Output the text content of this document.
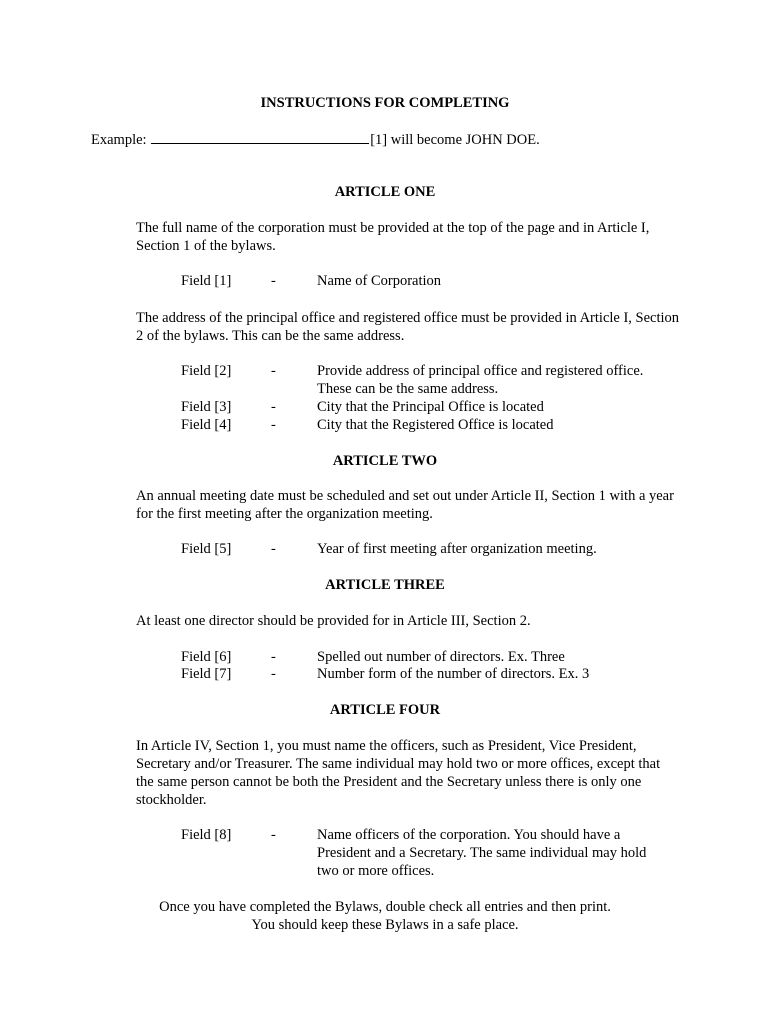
INSTRUCTIONS FOR COMPLETING
Example:	[1] will become JOHN DOE.
ARTICLE ONE
The full name of the corporation must be provided at the top of the page and in Article I, Section 1 of the bylaws.
Field [1]	-	Name of Corporation
The address of the principal office and registered office must be provided in Article I, Section 2 of the bylaws. This can be the same address.
Field [2]	-	Provide address of principal office and registered office. These can be the same address.
Field [3]	-	City that the Principal Office is located
Field [4]	-	City that the Registered Office is located
ARTICLE TWO
An annual meeting date must be scheduled and set out under Article II, Section 1 with a year for the first meeting after the organization meeting.
Field [5]	-	Year of first meeting after organization meeting.
ARTICLE THREE
At least one director should be provided for in Article III, Section 2.
Field [6]	-	Spelled out number of directors. Ex. Three
Field [7]	-	Number form of the number of directors. Ex. 3
ARTICLE FOUR
In Article IV, Section 1, you must name the officers, such as President, Vice President, Secretary and/or Treasurer. The same individual may hold two or more offices, except that the same person cannot be both the President and the Secretary unless there is only one stockholder.
Field [8]	-	Name officers of the corporation. You should have a President and a Secretary. The same individual may hold two or more offices.
Once you have completed the Bylaws, double check all entries and then print.
You should keep these Bylaws in a safe place.
